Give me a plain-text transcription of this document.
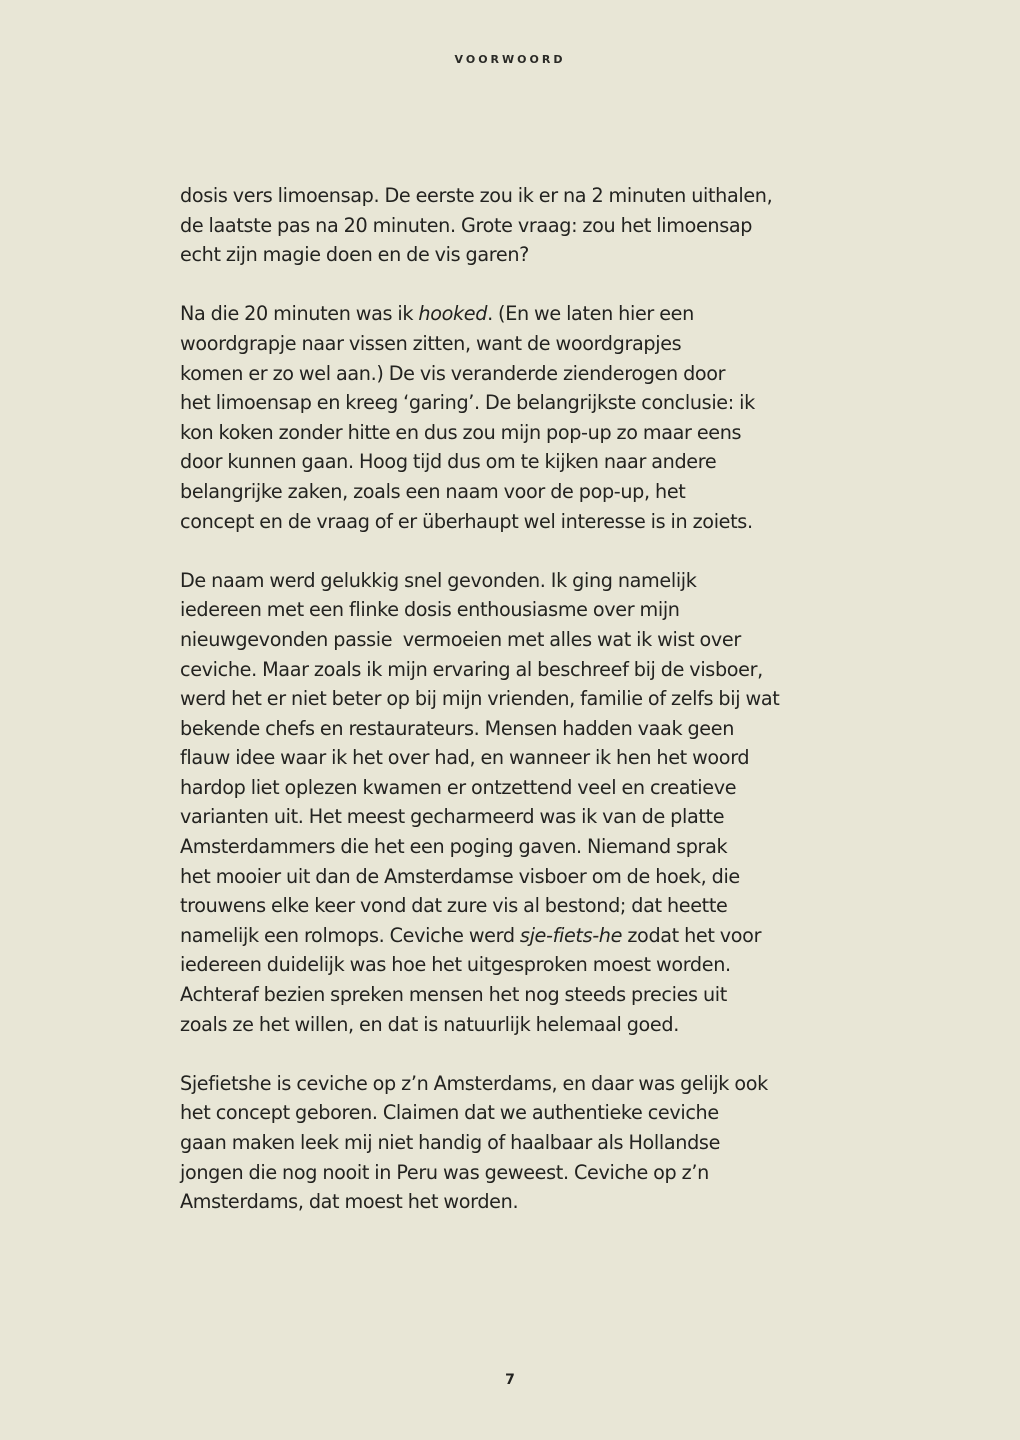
VOORWOORD

dosis vers limoensap. De eerste zou ik er na 2 minuten uithalen,
de laatste pas na 20 minuten. Grote vraag: zou het limoensap
echt zijn magie doen en de vis garen?

Na die 20 minuten was ik hooked. (En we laten hier een
woordgrapje naar vissen zitten, want de woordgrapjes
komen er zo wel aan.) De vis veranderde zienderogen door
het limoensap en kreeg ‘garing’. De belangrijkste conclusie: ik
kon koken zonder hitte en dus zou mijn pop-up zo maar eens
door kunnen gaan. Hoog tijd dus om te kijken naar andere
belangrijke zaken, zoals een naam voor de pop-up, het
concept en de vraag of er überhaupt wel interesse is in zoiets.

De naam werd gelukkig snel gevonden. Ik ging namelijk
iedereen met een flinke dosis enthousiasme over mijn
nieuwgevonden passie  vermoeien met alles wat ik wist over
ceviche. Maar zoals ik mijn ervaring al beschreef bij de visboer,
werd het er niet beter op bij mijn vrienden, familie of zelfs bij wat
bekende chefs en restaurateurs. Mensen hadden vaak geen
flauw idee waar ik het over had, en wanneer ik hen het woord
hardop liet oplezen kwamen er ontzettend veel en creatieve
varianten uit. Het meest gecharmeerd was ik van de platte
Amsterdammers die het een poging gaven. Niemand sprak
het mooier uit dan de Amsterdamse visboer om de hoek, die
trouwens elke keer vond dat zure vis al bestond; dat heette
namelijk een rolmops. Ceviche werd sje-fiets-he zodat het voor
iedereen duidelijk was hoe het uitgesproken moest worden.
Achteraf bezien spreken mensen het nog steeds precies uit
zoals ze het willen, en dat is natuurlijk helemaal goed.

Sjefietshe is ceviche op z’n Amsterdams, en daar was gelijk ook
het concept geboren. Claimen dat we authentieke ceviche
gaan maken leek mij niet handig of haalbaar als Hollandse
jongen die nog nooit in Peru was geweest. Ceviche op z’n
Amsterdams, dat moest het worden.

7
